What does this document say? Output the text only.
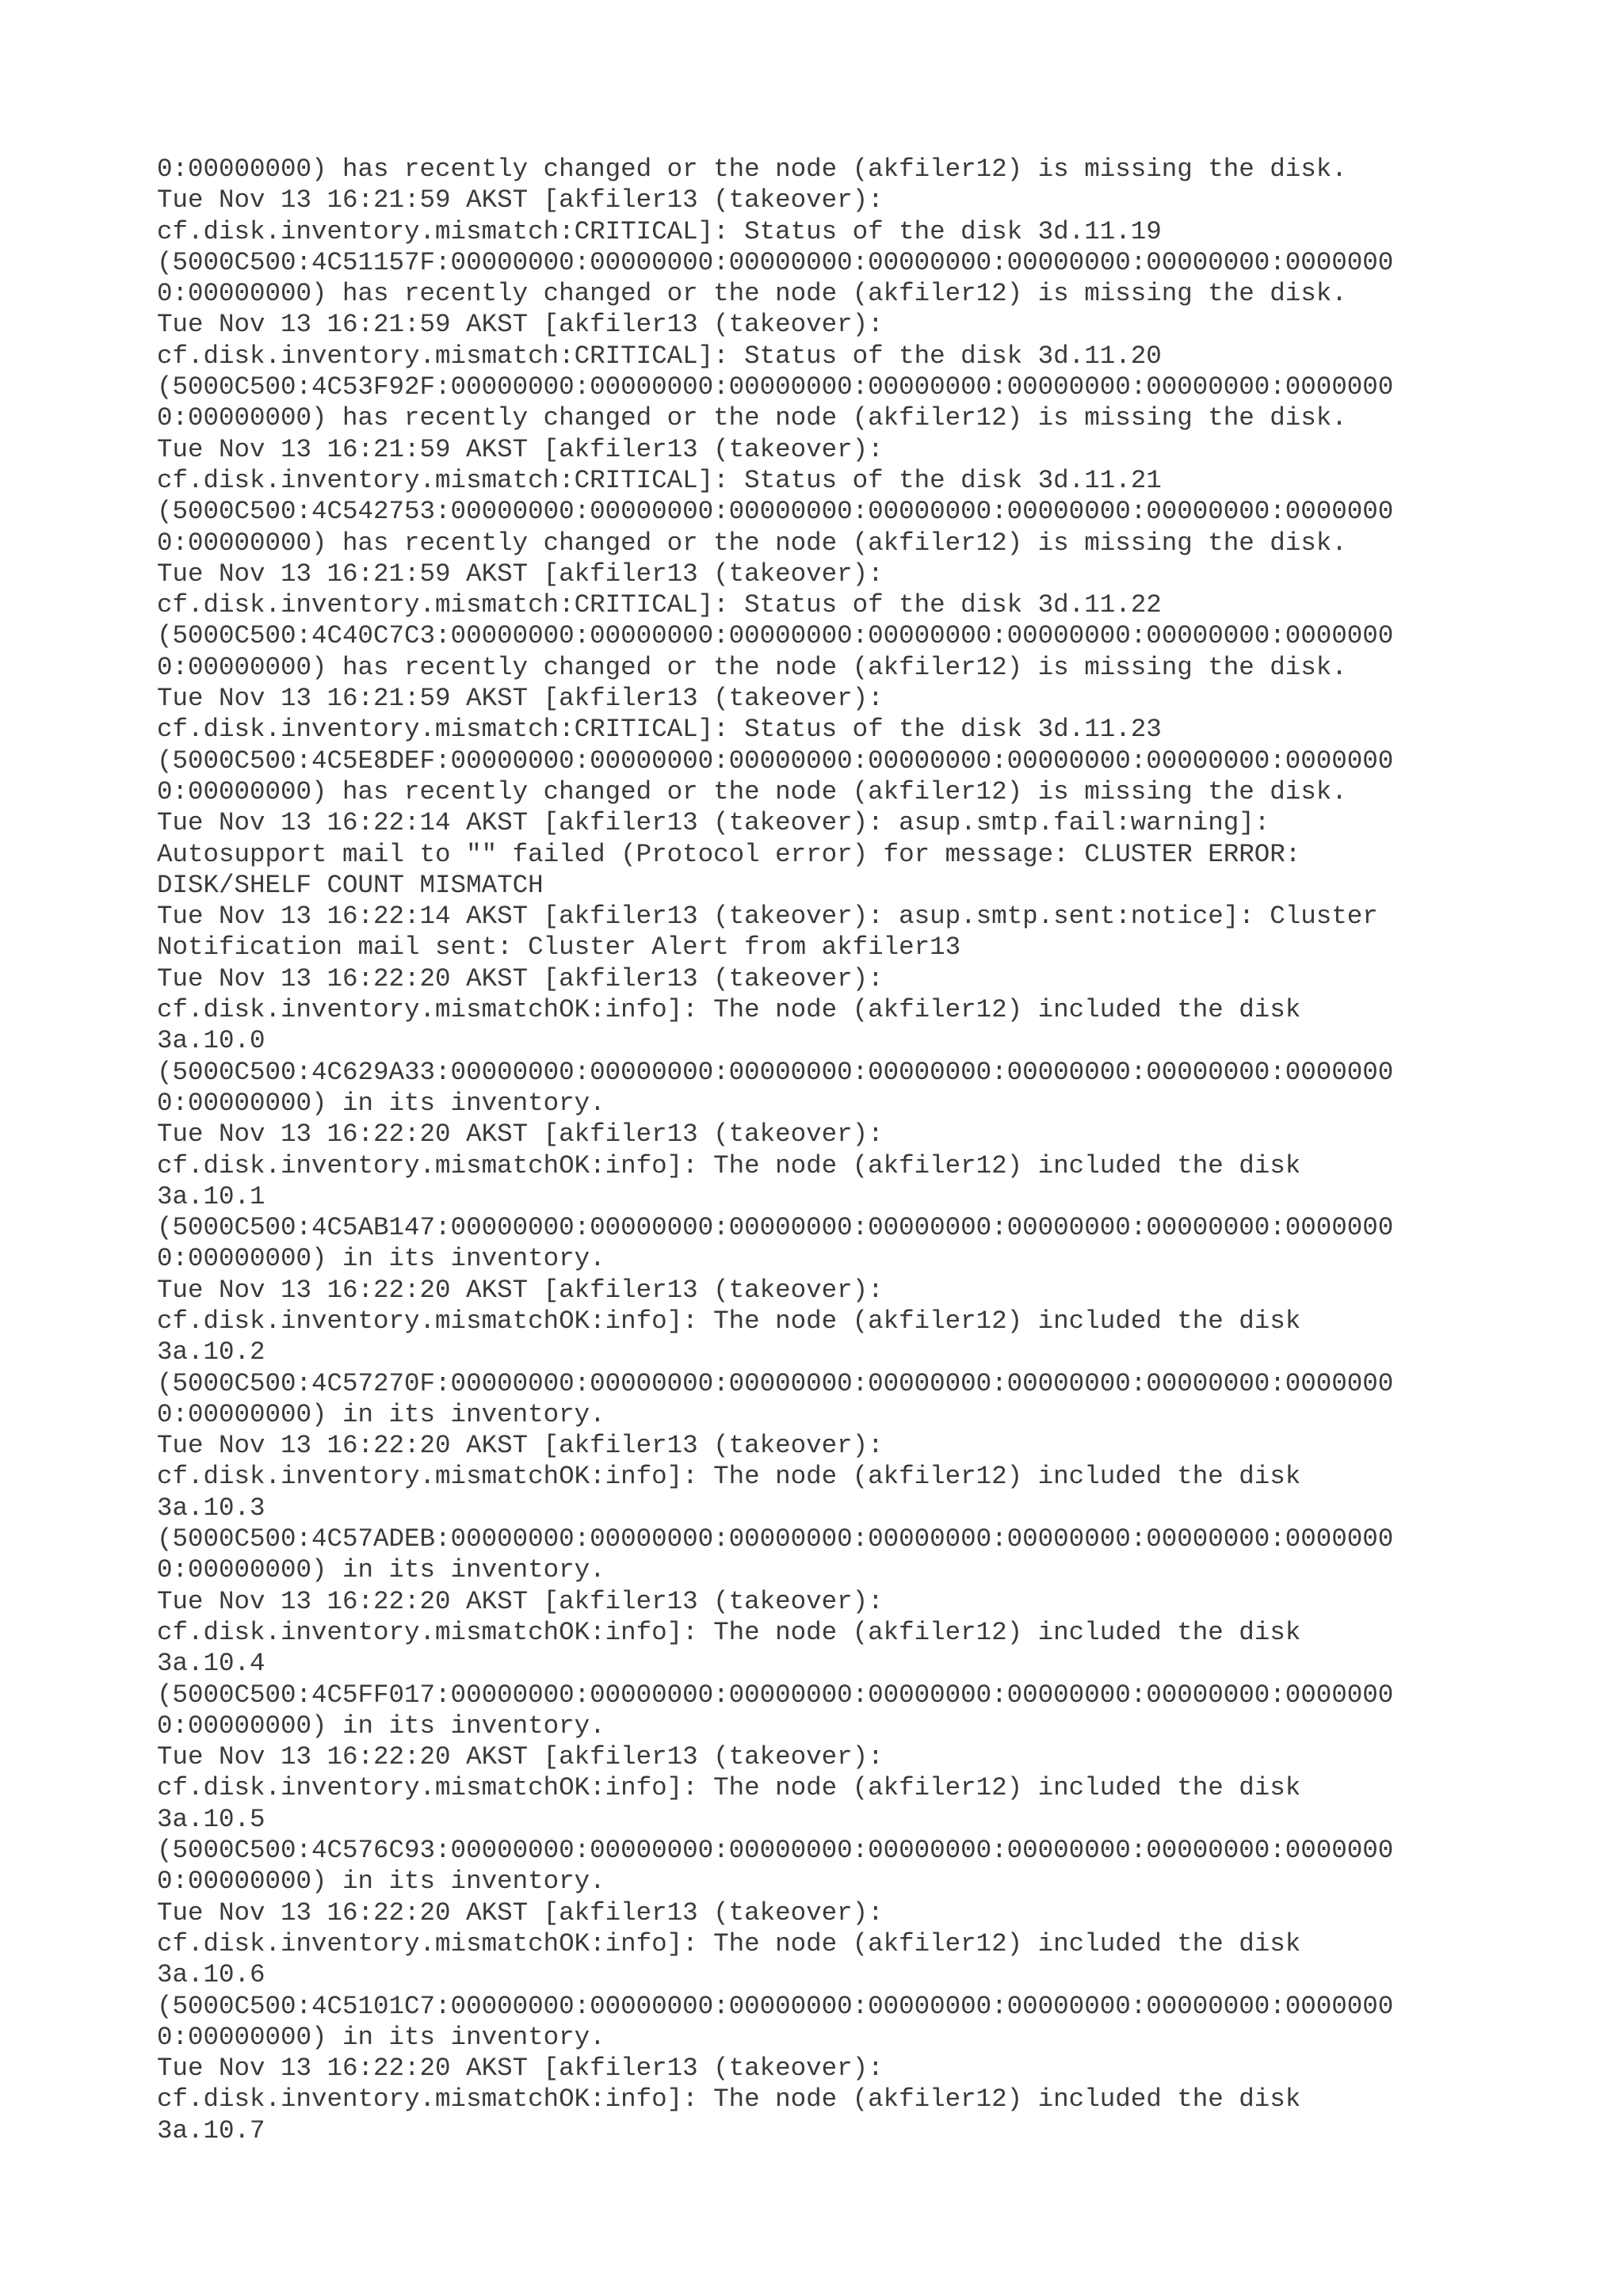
0:00000000) has recently changed or the node (akfiler12) is missing the disk.
Tue Nov 13 16:21:59 AKST [akfiler13 (takeover):
cf.disk.inventory.mismatch:CRITICAL]: Status of the disk 3d.11.19
(5000C500:4C51157F:00000000:00000000:00000000:00000000:00000000:00000000:0000000
0:00000000) has recently changed or the node (akfiler12) is missing the disk.
Tue Nov 13 16:21:59 AKST [akfiler13 (takeover):
cf.disk.inventory.mismatch:CRITICAL]: Status of the disk 3d.11.20
(5000C500:4C53F92F:00000000:00000000:00000000:00000000:00000000:00000000:0000000
0:00000000) has recently changed or the node (akfiler12) is missing the disk.
Tue Nov 13 16:21:59 AKST [akfiler13 (takeover):
cf.disk.inventory.mismatch:CRITICAL]: Status of the disk 3d.11.21
(5000C500:4C542753:00000000:00000000:00000000:00000000:00000000:00000000:0000000
0:00000000) has recently changed or the node (akfiler12) is missing the disk.
Tue Nov 13 16:21:59 AKST [akfiler13 (takeover):
cf.disk.inventory.mismatch:CRITICAL]: Status of the disk 3d.11.22
(5000C500:4C40C7C3:00000000:00000000:00000000:00000000:00000000:00000000:0000000
0:00000000) has recently changed or the node (akfiler12) is missing the disk.
Tue Nov 13 16:21:59 AKST [akfiler13 (takeover):
cf.disk.inventory.mismatch:CRITICAL]: Status of the disk 3d.11.23
(5000C500:4C5E8DEF:00000000:00000000:00000000:00000000:00000000:00000000:0000000
0:00000000) has recently changed or the node (akfiler12) is missing the disk.
Tue Nov 13 16:22:14 AKST [akfiler13 (takeover): asup.smtp.fail:warning]:
Autosupport mail to "" failed (Protocol error) for message: CLUSTER ERROR:
DISK/SHELF COUNT MISMATCH
Tue Nov 13 16:22:14 AKST [akfiler13 (takeover): asup.smtp.sent:notice]: Cluster
Notification mail sent: Cluster Alert from akfiler13
Tue Nov 13 16:22:20 AKST [akfiler13 (takeover):
cf.disk.inventory.mismatchOK:info]: The node (akfiler12) included the disk
3a.10.0
(5000C500:4C629A33:00000000:00000000:00000000:00000000:00000000:00000000:0000000
0:00000000) in its inventory.
Tue Nov 13 16:22:20 AKST [akfiler13 (takeover):
cf.disk.inventory.mismatchOK:info]: The node (akfiler12) included the disk
3a.10.1
(5000C500:4C5AB147:00000000:00000000:00000000:00000000:00000000:00000000:0000000
0:00000000) in its inventory.
Tue Nov 13 16:22:20 AKST [akfiler13 (takeover):
cf.disk.inventory.mismatchOK:info]: The node (akfiler12) included the disk
3a.10.2
(5000C500:4C57270F:00000000:00000000:00000000:00000000:00000000:00000000:0000000
0:00000000) in its inventory.
Tue Nov 13 16:22:20 AKST [akfiler13 (takeover):
cf.disk.inventory.mismatchOK:info]: The node (akfiler12) included the disk
3a.10.3
(5000C500:4C57ADEB:00000000:00000000:00000000:00000000:00000000:00000000:0000000
0:00000000) in its inventory.
Tue Nov 13 16:22:20 AKST [akfiler13 (takeover):
cf.disk.inventory.mismatchOK:info]: The node (akfiler12) included the disk
3a.10.4
(5000C500:4C5FF017:00000000:00000000:00000000:00000000:00000000:00000000:0000000
0:00000000) in its inventory.
Tue Nov 13 16:22:20 AKST [akfiler13 (takeover):
cf.disk.inventory.mismatchOK:info]: The node (akfiler12) included the disk
3a.10.5
(5000C500:4C576C93:00000000:00000000:00000000:00000000:00000000:00000000:0000000
0:00000000) in its inventory.
Tue Nov 13 16:22:20 AKST [akfiler13 (takeover):
cf.disk.inventory.mismatchOK:info]: The node (akfiler12) included the disk
3a.10.6
(5000C500:4C5101C7:00000000:00000000:00000000:00000000:00000000:00000000:0000000
0:00000000) in its inventory.
Tue Nov 13 16:22:20 AKST [akfiler13 (takeover):
cf.disk.inventory.mismatchOK:info]: The node (akfiler12) included the disk
3a.10.7
